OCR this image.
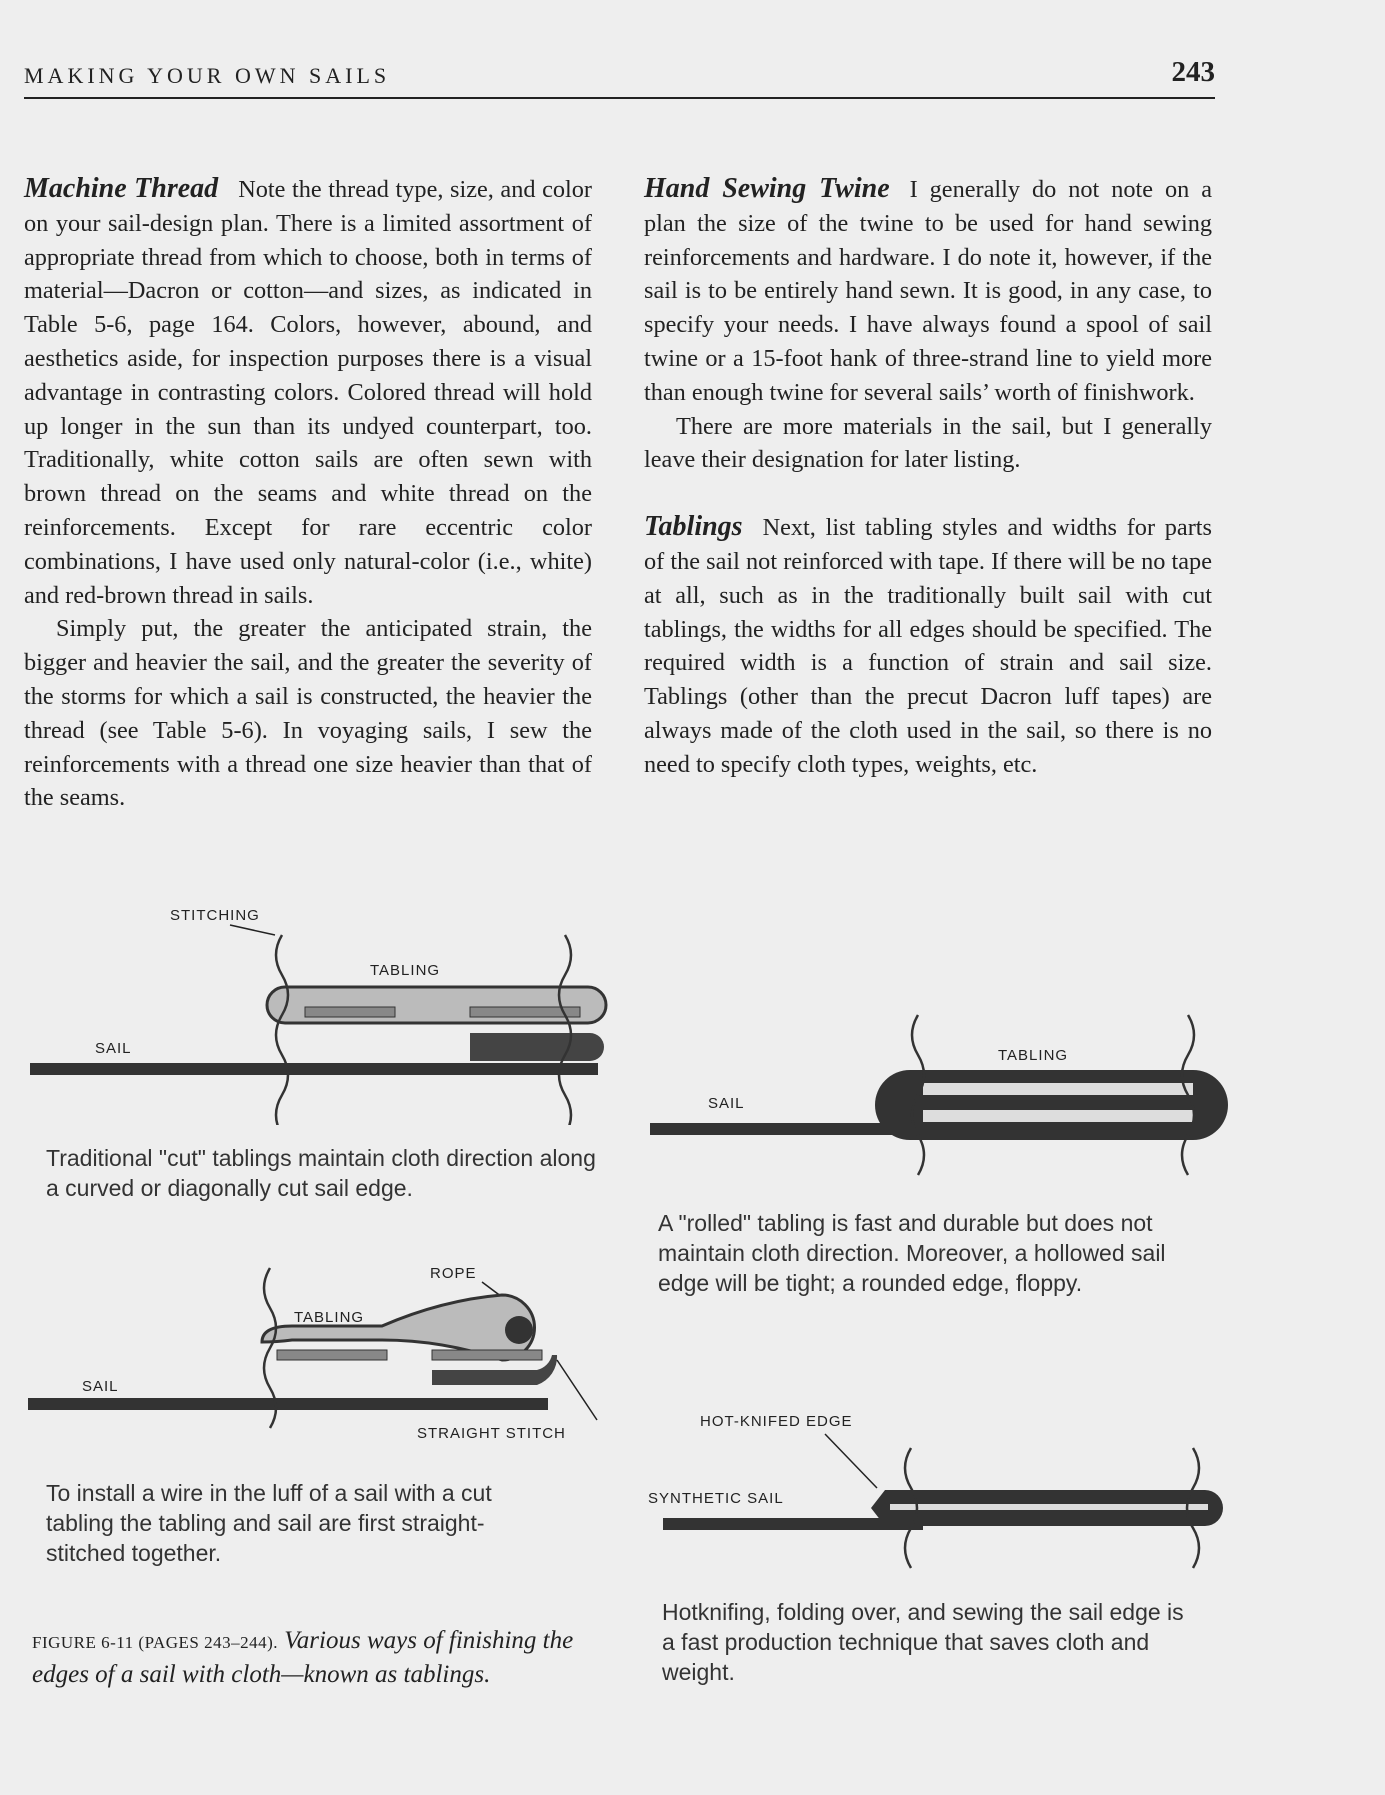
MAKING YOUR OWN SAILS	243

Machine Thread Note the thread type, size, and color on your sail-design plan. There is a limited assortment of appropriate thread from which to choose, both in terms of material—Dacron or cotton—and sizes, as indicated in Table 5-6, page 164. Colors, however, abound, and aesthetics aside, for inspection purposes there is a visual advantage in contrasting colors. Colored thread will hold up longer in the sun than its undyed counterpart, too. Traditionally, white cotton sails are often sewn with brown thread on the seams and white thread on the reinforcements. Except for rare eccentric color combinations, I have used only natural-color (i.e., white) and red-brown thread in sails.

Simply put, the greater the anticipated strain, the bigger and heavier the sail, and the greater the severity of the storms for which a sail is constructed, the heavier the thread (see Table 5-6). In voyaging sails, I sew the reinforcements with a thread one size heavier than that of the seams.

Hand Sewing Twine I generally do not note on a plan the size of the twine to be used for hand sewing reinforcements and hardware. I do note it, however, if the sail is to be entirely hand sewn. It is good, in any case, to specify your needs. I have always found a spool of sail twine or a 15-foot hank of three-strand line to yield more than enough twine for several sails’ worth of finishwork.

There are more materials in the sail, but I generally leave their designation for later listing.

Tablings Next, list tabling styles and widths for parts of the sail not reinforced with tape. If there will be no tape at all, such as in the traditionally built sail with cut tablings, the widths for all edges should be specified. The required width is a function of strain and sail size. Tablings (other than the precut Dacron luff tapes) are always made of the cloth used in the sail, so there is no need to specify cloth types, weights, etc.

STITCHING
TABLING
SAIL
Traditional "cut" tablings maintain cloth direction along a curved or diagonally cut sail edge.
TABLING
SAIL
A "rolled" tabling is fast and durable but does not maintain cloth direction. Moreover, a hollowed sail edge will be tight; a rounded edge, floppy.
ROPE
TABLING
SAIL
STRAIGHT STITCH
To install a wire in the luff of a sail with a cut tabling the tabling and sail are first straight-stitched together.
HOT-KNIFED EDGE
SYNTHETIC SAIL
Hotknifing, folding over, and sewing the sail edge is a fast production technique that saves cloth and weight.
FIGURE 6-11 (PAGES 243–244). Various ways of finishing the edges of a sail with cloth—known as tablings.
